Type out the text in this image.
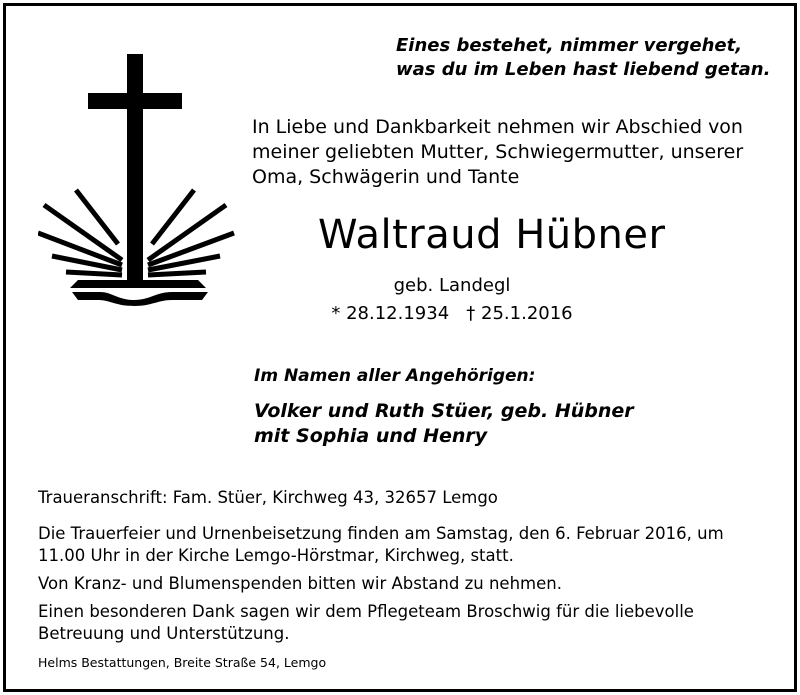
Eines bestehet, nimmer vergehet,

was du im Leben hast liebend getan.

In Liebe und Dankbarkeit nehmen wir Abschied von

meiner geliebten Mutter, Schwiegermutter, unserer

Oma, Schwägerin und Tante

Waltraud Hübner

geb. Landegl

* 28.12.1934   † 25.1.2016

Im Namen aller Angehörigen:

Volker und Ruth Stüer, geb. Hübner

mit Sophia und Henry

Traueranschrift: Fam. Stüer, Kirchweg 43, 32657 Lemgo

Die Trauerfeier und Urnenbeisetzung finden am Samstag, den 6. Februar 2016, um

11.00 Uhr in der Kirche Lemgo-Hörstmar, Kirchweg, statt.

Von Kranz- und Blumenspenden bitten wir Abstand zu nehmen.

Einen besonderen Dank sagen wir dem Pflegeteam Broschwig für die liebevolle

Betreuung und Unterstützung.

Helms Bestattungen, Breite Straße 54, Lemgo
